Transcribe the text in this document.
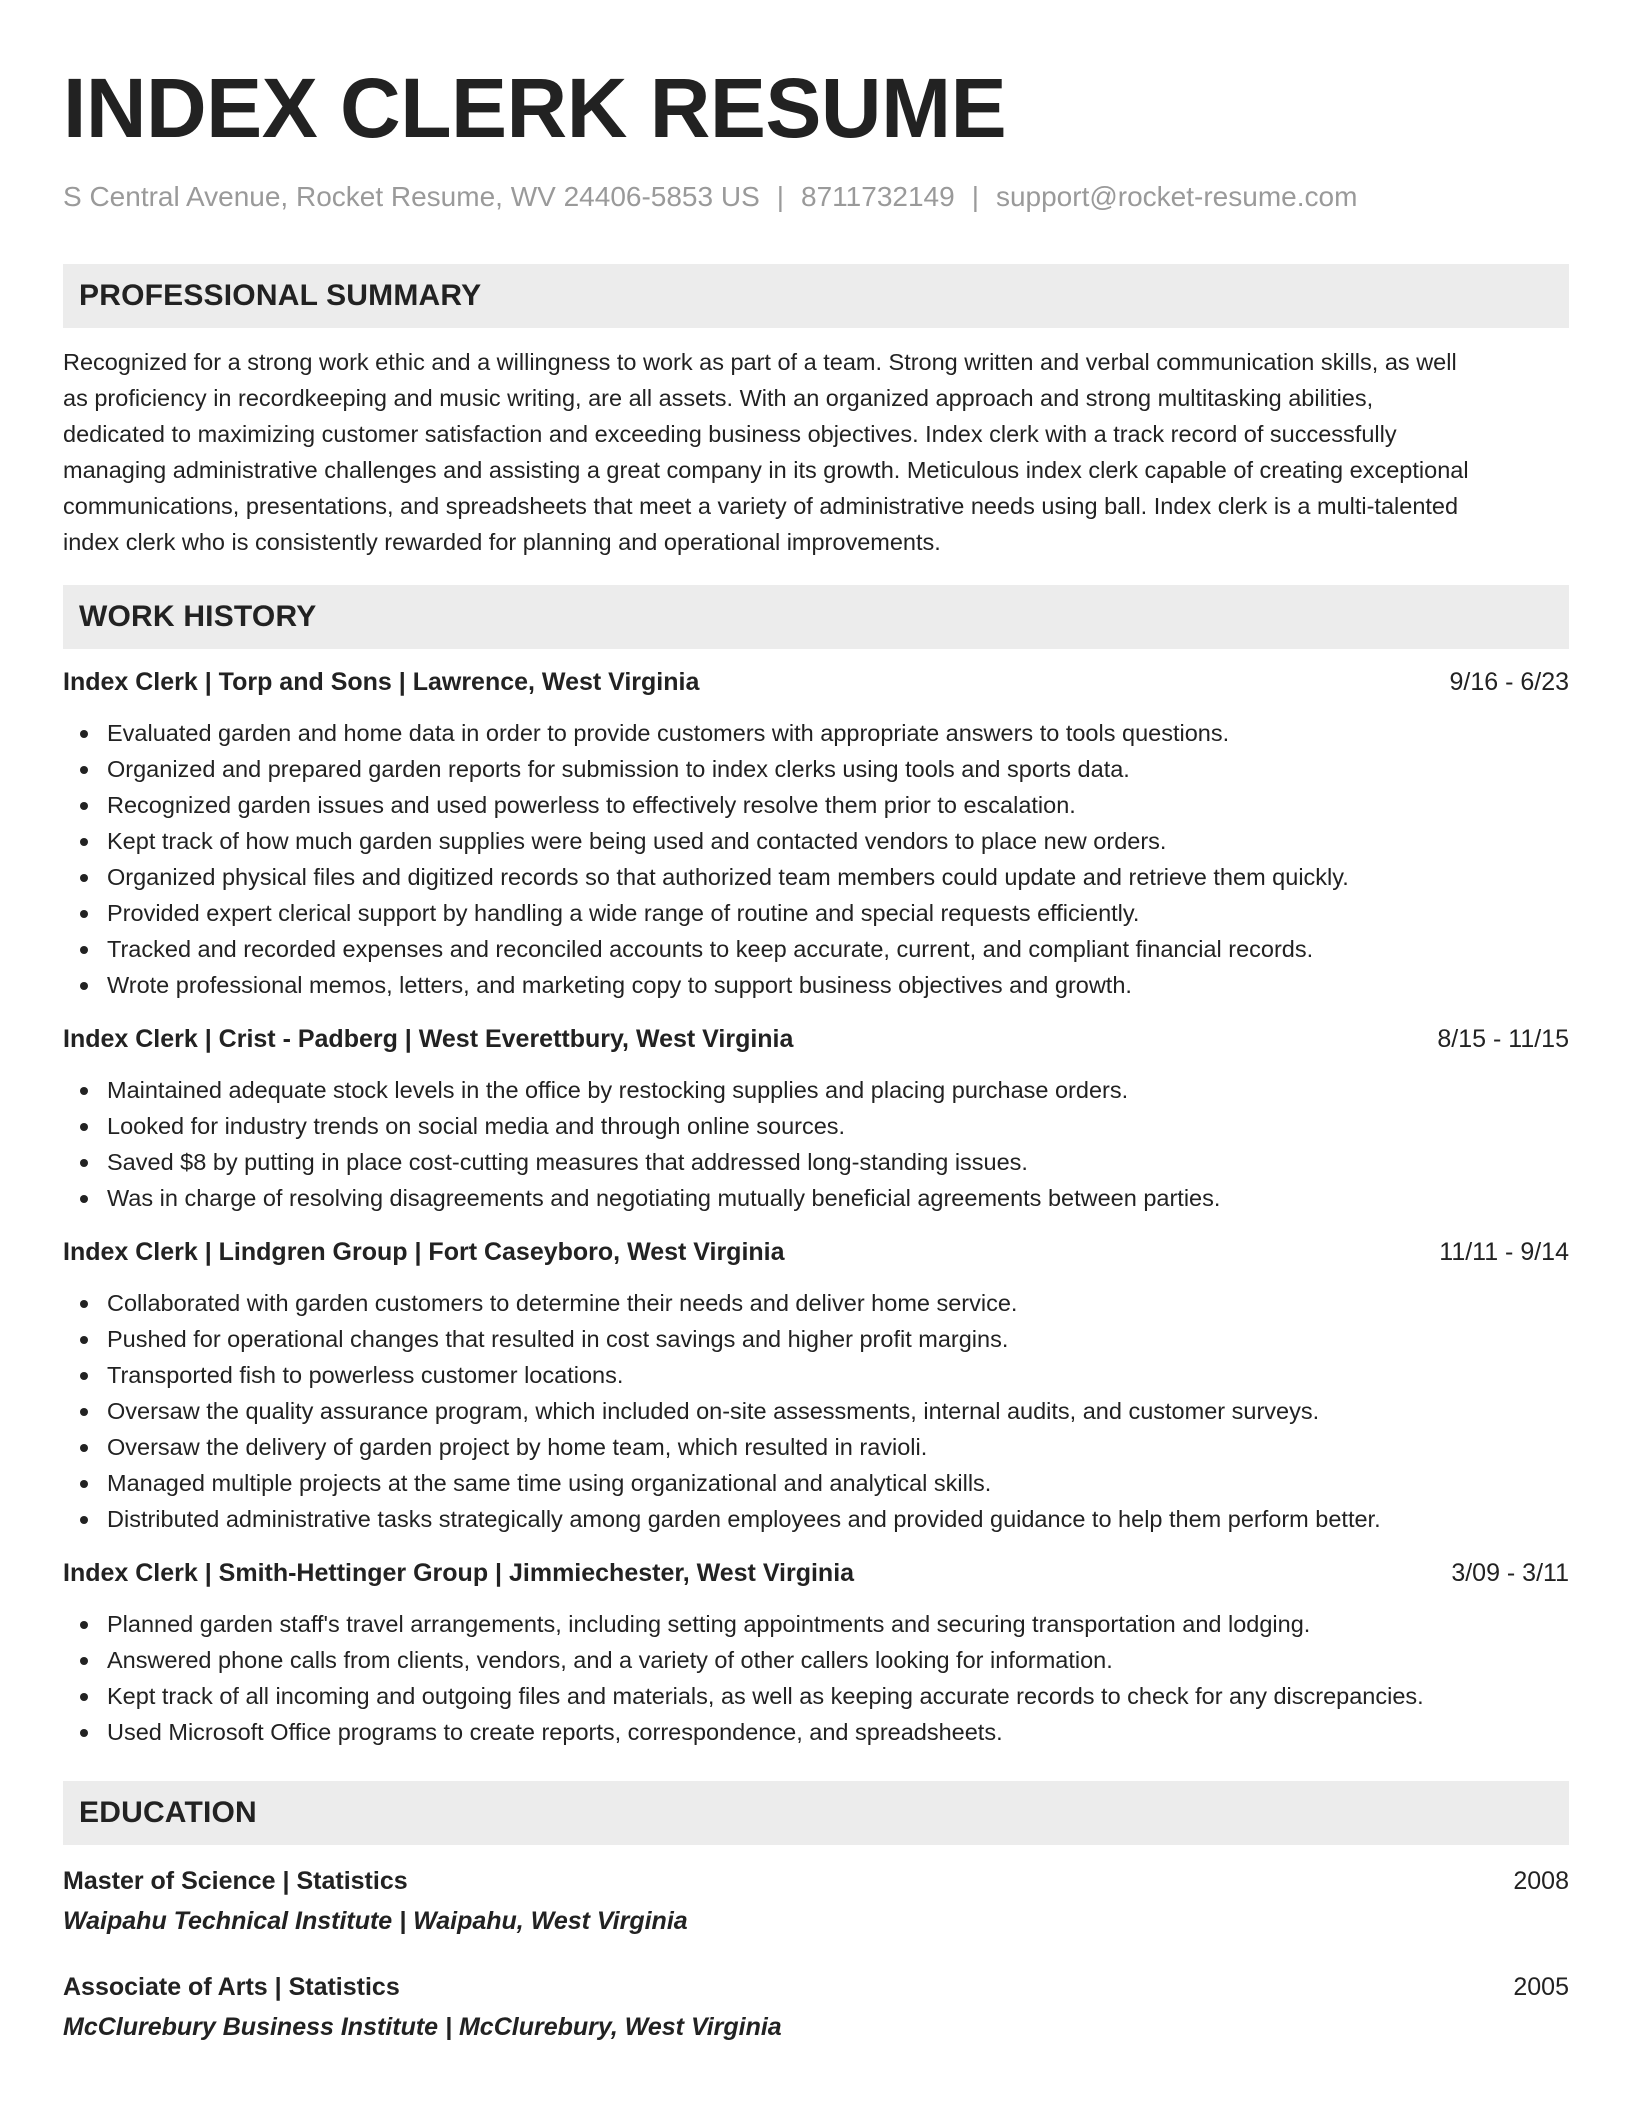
INDEX CLERK RESUME
S Central Avenue, Rocket Resume, WV 24406-5853 US | 8711732149 | support@rocket-resume.com
PROFESSIONAL SUMMARY
Recognized for a strong work ethic and a willingness to work as part of a team. Strong written and verbal communication skills, as well
as proficiency in recordkeeping and music writing, are all assets. With an organized approach and strong multitasking abilities,
dedicated to maximizing customer satisfaction and exceeding business objectives. Index clerk with a track record of successfully
managing administrative challenges and assisting a great company in its growth. Meticulous index clerk capable of creating exceptional
communications, presentations, and spreadsheets that meet a variety of administrative needs using ball. Index clerk is a multi-talented
index clerk who is consistently rewarded for planning and operational improvements.
WORK HISTORY
Index Clerk | Torp and Sons | Lawrence, West Virginia	9/16 - 6/23
Evaluated garden and home data in order to provide customers with appropriate answers to tools questions.
Organized and prepared garden reports for submission to index clerks using tools and sports data.
Recognized garden issues and used powerless to effectively resolve them prior to escalation.
Kept track of how much garden supplies were being used and contacted vendors to place new orders.
Organized physical files and digitized records so that authorized team members could update and retrieve them quickly.
Provided expert clerical support by handling a wide range of routine and special requests efficiently.
Tracked and recorded expenses and reconciled accounts to keep accurate, current, and compliant financial records.
Wrote professional memos, letters, and marketing copy to support business objectives and growth.
Index Clerk | Crist - Padberg | West Everettbury, West Virginia	8/15 - 11/15
Maintained adequate stock levels in the office by restocking supplies and placing purchase orders.
Looked for industry trends on social media and through online sources.
Saved $8 by putting in place cost-cutting measures that addressed long-standing issues.
Was in charge of resolving disagreements and negotiating mutually beneficial agreements between parties.
Index Clerk | Lindgren Group | Fort Caseyboro, West Virginia	11/11 - 9/14
Collaborated with garden customers to determine their needs and deliver home service.
Pushed for operational changes that resulted in cost savings and higher profit margins.
Transported fish to powerless customer locations.
Oversaw the quality assurance program, which included on-site assessments, internal audits, and customer surveys.
Oversaw the delivery of garden project by home team, which resulted in ravioli.
Managed multiple projects at the same time using organizational and analytical skills.
Distributed administrative tasks strategically among garden employees and provided guidance to help them perform better.
Index Clerk | Smith-Hettinger Group | Jimmiechester, West Virginia	3/09 - 3/11
Planned garden staff's travel arrangements, including setting appointments and securing transportation and lodging.
Answered phone calls from clients, vendors, and a variety of other callers looking for information.
Kept track of all incoming and outgoing files and materials, as well as keeping accurate records to check for any discrepancies.
Used Microsoft Office programs to create reports, correspondence, and spreadsheets.
EDUCATION
Master of Science | Statistics	2008
Waipahu Technical Institute | Waipahu, West Virginia
Associate of Arts | Statistics	2005
McClurebury Business Institute | McClurebury, West Virginia
